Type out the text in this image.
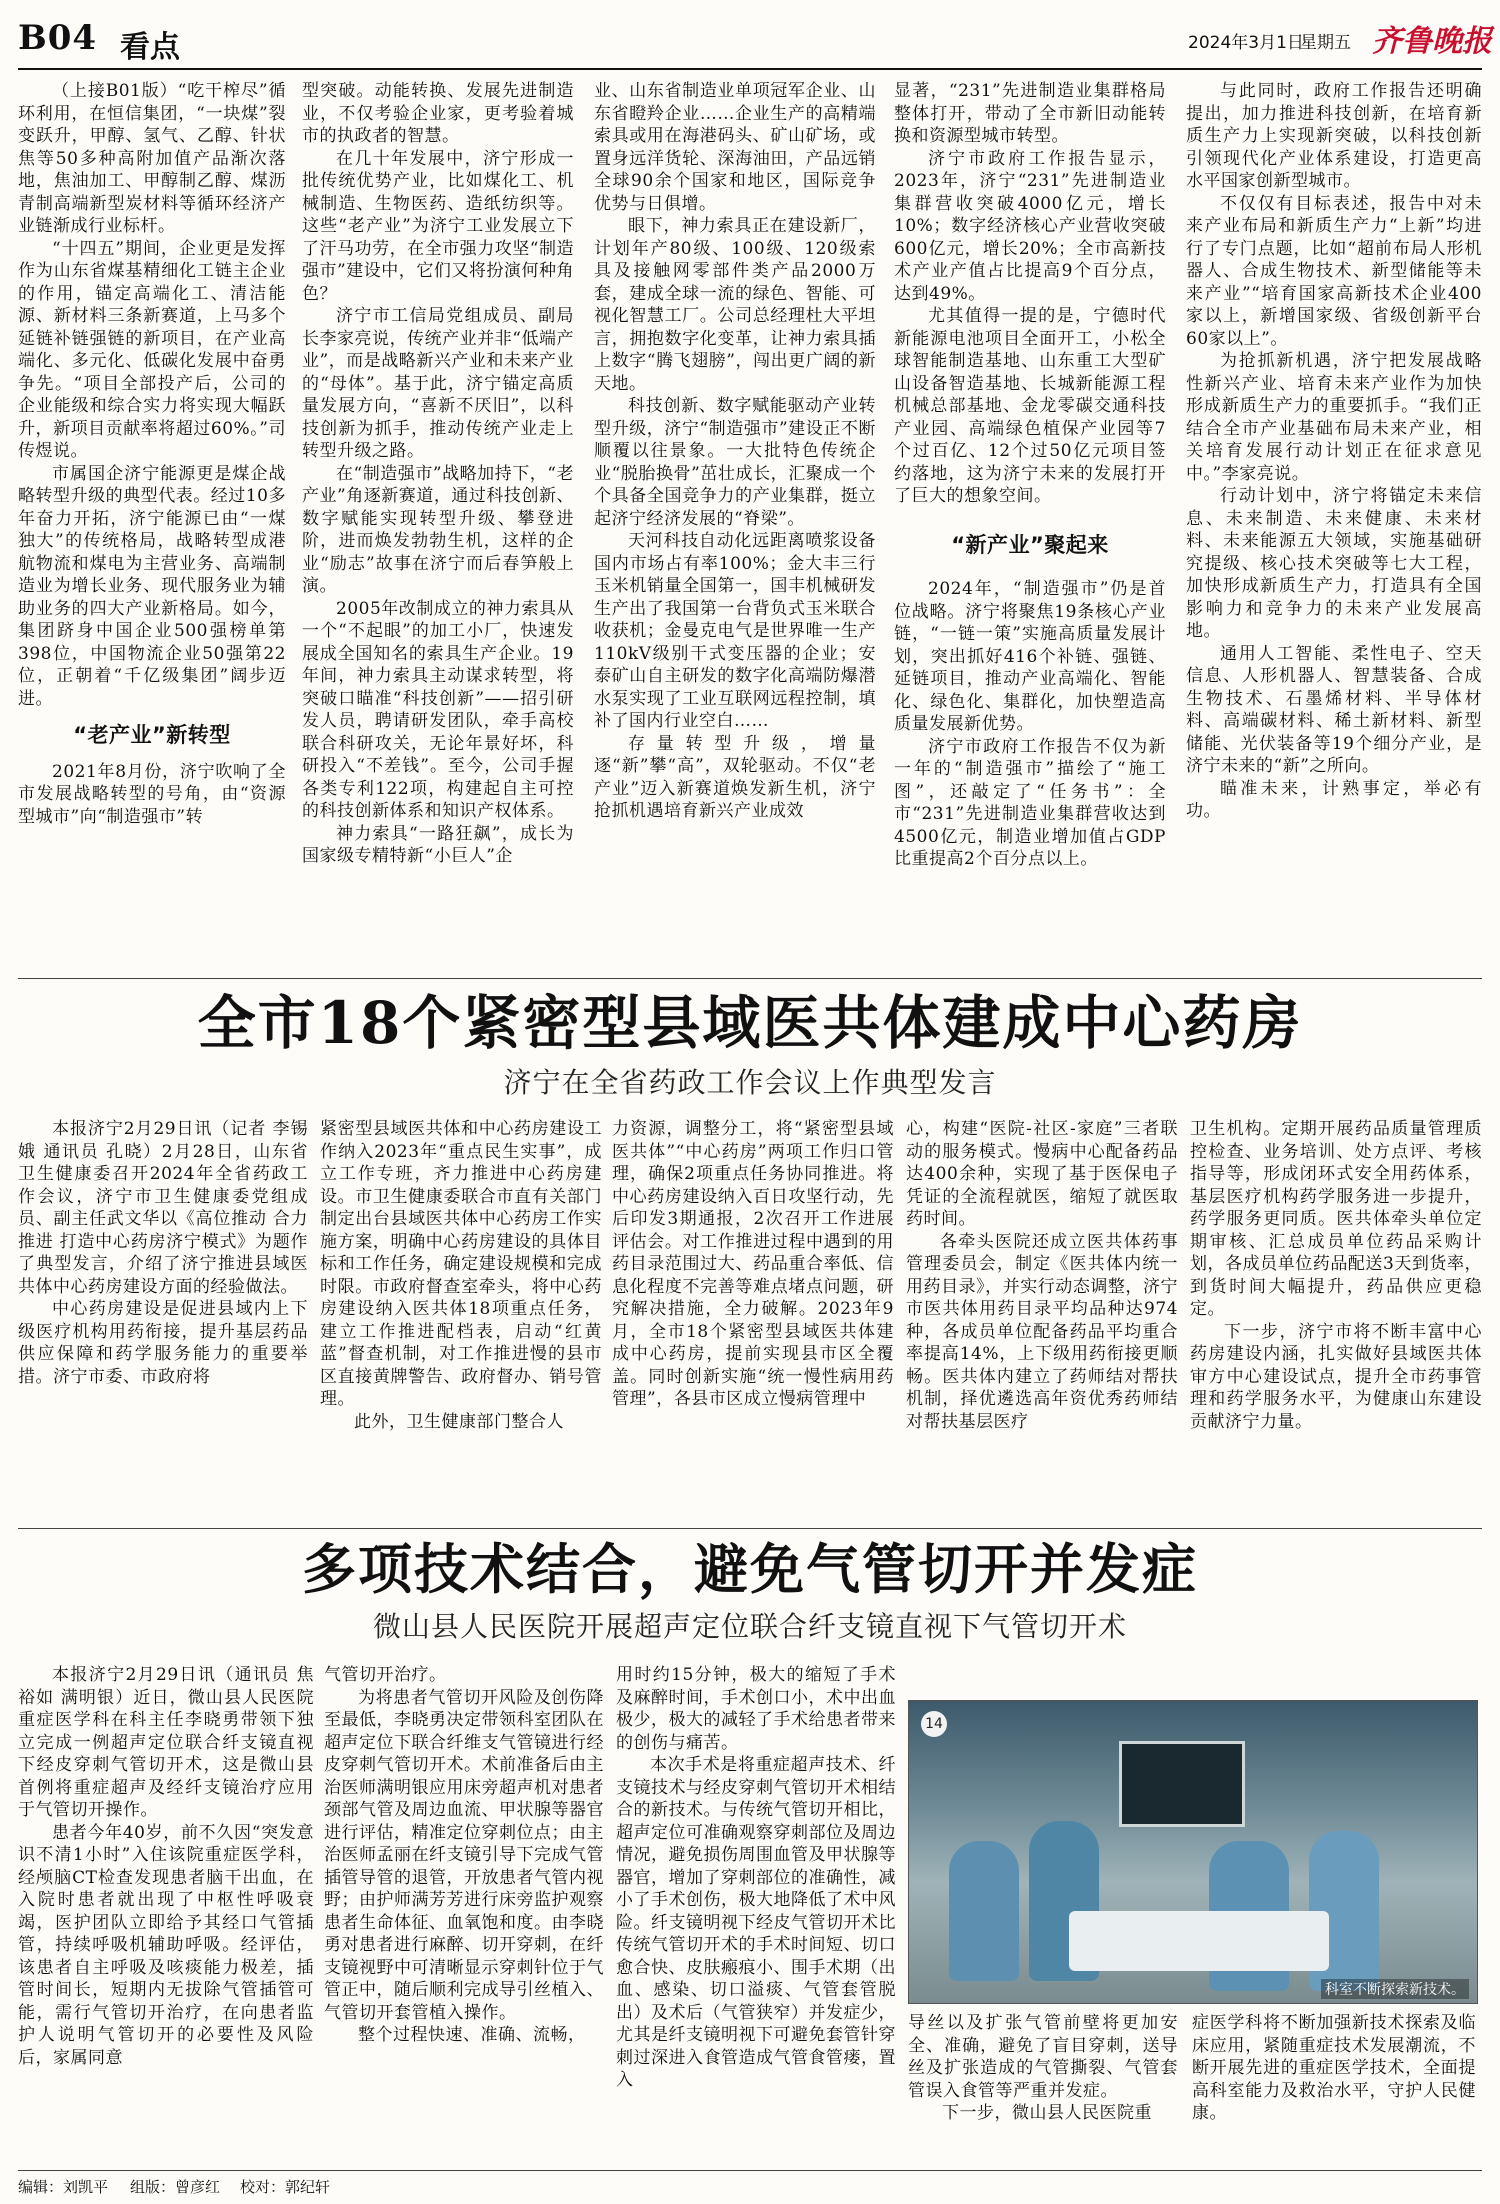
B04 看点	2024年3月1日
星期五 齐鲁晚报

（上接B01版）“吃干榨尽”循环利用，在恒信集团，“一块煤”裂变跃升，甲醇、氢气、乙醇、针状焦等50多种高附加值产品渐次落地，焦油加工、甲醇制乙醇、煤沥青制高端新型炭材料等循环经济产业链渐成行业标杆。

“十四五”期间，企业更是发挥作为山东省煤基精细化工链主企业的作用，锚定高端化工、清洁能源、新材料三条新赛道，上马多个延链补链强链的新项目，在产业高端化、多元化、低碳化发展中奋勇争先。“项目全部投产后，公司的企业能级和综合实力将实现大幅跃升，新项目贡献率将超过60%。”司传煜说。

市属国企济宁能源更是煤企战略转型升级的典型代表。经过10多年奋力开拓，济宁能源已由“一煤独大”的传统格局，战略转型成港航物流和煤电为主营业务、高端制造业为增长业务、现代服务业为辅助业务的四大产业新格局。如今，集团跻身中国企业500强榜单第398位，中国物流企业50强第22位，正朝着“千亿级集团”阔步迈进。

“老产业”新转型

2021年8月份，济宁吹响了全市发展战略转型的号角，由“资源型城市”向“制造强市”转

型突破。动能转换、发展先进制造业，不仅考验企业家，更考验着城市的执政者的智慧。

在几十年发展中，济宁形成一批传统优势产业，比如煤化工、机械制造、生物医药、造纸纺织等。这些“老产业”为济宁工业发展立下了汗马功劳，在全市强力攻坚“制造强市”建设中，它们又将扮演何种角色？

济宁市工信局党组成员、副局长李家亮说，传统产业并非“低端产业”，而是战略新兴产业和未来产业的“母体”。基于此，济宁锚定高质量发展方向，“喜新不厌旧”，以科技创新为抓手，推动传统产业走上转型升级之路。

在“制造强市”战略加持下，“老产业”角逐新赛道，通过科技创新、数字赋能实现转型升级、攀登进阶，进而焕发勃勃生机，这样的企业“励志”故事在济宁而后春笋般上演。

2005年改制成立的神力索具从一个“不起眼”的加工小厂，快速发展成全国知名的索具生产企业。19年间，神力索具主动谋求转型，将突破口瞄准“科技创新”——招引研发人员，聘请研发团队，牵手高校联合科研攻关，无论年景好坏，科研投入“不差钱”。至今，公司手握各类专利122项，构建起自主可控的科技创新体系和知识产权体系。

神力索具“一路狂飙”，成长为国家级专精特新“小巨人”企

业、山东省制造业单项冠军企业、山东省瞪羚企业……企业生产的高精端索具或用在海港码头、矿山矿场，或置身远洋货轮、深海油田，产品远销全球90余个国家和地区，国际竞争优势与日俱增。

眼下，神力索具正在建设新厂，计划年产80级、100级、120级索具及接触网零部件类产品2000万套，建成全球一流的绿色、智能、可视化智慧工厂。公司总经理杜大平坦言，拥抱数字化变革，让神力索具插上数字“腾飞翅膀”，闯出更广阔的新天地。

科技创新、数字赋能驱动产业转型升级，济宁“制造强市”建设正不断顺覆以往景象。一大批特色传统企业“脱胎换骨”茁壮成长，汇聚成一个个具备全国竞争力的产业集群，挺立起济宁经济发展的“脊梁”。

天河科技自动化远距离喷浆设备国内市场占有率100%；金大丰三行玉米机销量全国第一，国丰机械研发生产出了我国第一台背负式玉米联合收获机；金曼克电气是世界唯一生产110kV级别干式变压器的企业；安泰矿山自主研发的数字化高端防爆潜水泵实现了工业互联网远程控制，填补了国内行业空白……

存量转型升级，增量逐“新”攀“高”，双轮驱动。不仅“老产业”迈入新赛道焕发新生机，济宁抢抓机遇培育新兴产业成效

显著，“231”先进制造业集群格局整体打开，带动了全市新旧动能转换和资源型城市转型。

济宁市政府工作报告显示，2023年，济宁“231”先进制造业集群营收突破4000亿元，增长10%；数字经济核心产业营收突破600亿元，增长20%；全市高新技术产业产值占比提高9个百分点，达到49%。

尤其值得一提的是，宁德时代新能源电池项目全面开工，小松全球智能制造基地、山东重工大型矿山设备智造基地、长城新能源工程机械总部基地、金龙零碳交通科技产业园、高端绿色植保产业园等7个过百亿、12个过50亿元项目签约落地，这为济宁未来的发展打开了巨大的想象空间。

“新产业”聚起来

2024年，“制造强市”仍是首位战略。济宁将聚焦19条核心产业链，“一链一策”实施高质量发展计划，突出抓好416个补链、强链、延链项目，推动产业高端化、智能化、绿色化、集群化，加快塑造高质量发展新优势。

济宁市政府工作报告不仅为新一年的“制造强市”描绘了“施工图”，还敲定了“任务书”：全市“231”先进制造业集群营收达到4500亿元，制造业增加值占GDP比重提高2个百分点以上。

与此同时，政府工作报告还明确提出，加力推进科技创新，在培育新质生产力上实现新突破，以科技创新引领现代化产业体系建设，打造更高水平国家创新型城市。

不仅仅有目标表述，报告中对未来产业布局和新质生产力“上新”均进行了专门点题，比如“超前布局人形机器人、合成生物技术、新型储能等未来产业”“培育国家高新技术企业400家以上，新增国家级、省级创新平台60家以上”。

为抢抓新机遇，济宁把发展战略性新兴产业、培育未来产业作为加快形成新质生产力的重要抓手。“我们正结合全市产业基础布局未来产业，相关培育发展行动计划正在征求意见中。”李家亮说。

行动计划中，济宁将锚定未来信息、未来制造、未来健康、未来材料、未来能源五大领域，实施基础研究提级、核心技术突破等七大工程，加快形成新质生产力，打造具有全国影响力和竞争力的未来产业发展高地。

通用人工智能、柔性电子、空天信息、人形机器人、智慧装备、合成生物技术、石墨烯材料、半导体材料、高端碳材料、稀土新材料、新型储能、光伏装备等19个细分产业，是济宁未来的“新”之所向。

瞄准未来，计熟事定，举必有功。

全市18个紧密型县域医共体建成中心药房
济宁在全省药政工作会议上作典型发言

本报济宁2月29日讯（记者 李锡娥 通讯员 孔晓）2月28日，山东省卫生健康委召开2024年全省药政工作会议，济宁市卫生健康委党组成员、副主任武文华以《高位推动 合力推进 打造中心药房济宁模式》为题作了典型发言，介绍了济宁推进县域医共体中心药房建设方面的经验做法。

中心药房建设是促进县域内上下级医疗机构用药衔接，提升基层药品供应保障和药学服务能力的重要举措。济宁市委、市政府将

紧密型县域医共体和中心药房建设工作纳入2023年“重点民生实事”，成立工作专班，齐力推进中心药房建设。市卫生健康委联合市直有关部门制定出台县域医共体中心药房工作实施方案，明确中心药房建设的具体目标和工作任务，确定建设规模和完成时限。市政府督查室牵头，将中心药房建设纳入医共体18项重点任务，建立工作推进配档表，启动“红黄蓝”督查机制，对工作推进慢的县市区直接黄牌警告、政府督办、销号管理。

此外，卫生健康部门整合人

力资源，调整分工，将“紧密型县域医共体”“中心药房”两项工作归口管理，确保2项重点任务协同推进。将中心药房建设纳入百日攻坚行动，先后印发3期通报，2次召开工作进展评估会。对工作推进过程中遇到的用药目录范围过大、药品重合率低、信息化程度不完善等难点堵点问题，研究解决措施，全力破解。2023年9月，全市18个紧密型县域医共体建成中心药房，提前实现县市区全覆盖。同时创新实施“统一慢性病用药管理”，各县市区成立慢病管理中

心，构建“医院-社区-家庭”三者联动的服务模式。慢病中心配备药品达400余种，实现了基于医保电子凭证的全流程就医，缩短了就医取药时间。

各牵头医院还成立医共体药事管理委员会，制定《医共体内统一用药目录》，并实行动态调整，济宁市医共体用药目录平均品种达974种，各成员单位配备药品平均重合率提高14%，上下级用药衔接更顺畅。医共体内建立了药师结对帮扶机制，择优遴选高年资优秀药师结对帮扶基层医疗

卫生机构。定期开展药品质量管理质控检查、业务培训、处方点评、考核指导等，形成闭环式安全用药体系，基层医疗机构药学服务进一步提升，药学服务更同质。医共体牵头单位定期审核、汇总成员单位药品采购计划，各成员单位药品配送3天到货率，到货时间大幅提升，药品供应更稳定。

下一步，济宁市将不断丰富中心药房建设内涵，扎实做好县域医共体审方中心建设试点，提升全市药事管理和药学服务水平，为健康山东建设贡献济宁力量。

多项技术结合，避免气管切开并发症
微山县人民医院开展超声定位联合纤支镜直视下气管切开术

本报济宁2月29日讯（通讯员 焦裕如 满明银）近日，微山县人民医院重症医学科在科主任李晓勇带领下独立完成一例超声定位联合纤支镜直视下经皮穿刺气管切开术，这是微山县首例将重症超声及经纤支镜治疗应用于气管切开操作。

患者今年40岁，前不久因“突发意识不清1小时”入住该院重症医学科，经颅脑CT检查发现患者脑干出血，在入院时患者就出现了中枢性呼吸衰竭，医护团队立即给予其经口气管插管，持续呼吸机辅助呼吸。经评估，该患者自主呼吸及咳痰能力极差，插管时间长，短期内无拔除气管插管可能，需行气管切开治疗，在向患者监护人说明气管切开的必要性及风险后，家属同意

气管切开治疗。

为将患者气管切开风险及创伤降至最低，李晓勇决定带领科室团队在超声定位下联合纤维支气管镜进行经皮穿刺气管切开术。术前准备后由主治医师满明银应用床旁超声机对患者颈部气管及周边血流、甲状腺等器官进行评估，精准定位穿刺位点；由主治医师孟丽在纤支镜引导下完成气管插管导管的退管，开放患者气管内视野；由护师满芳芳进行床旁监护观察患者生命体征、血氧饱和度。由李晓勇对患者进行麻醉、切开穿刺，在纤支镜视野中可清晰显示穿刺针位于气管正中，随后顺利完成导引丝植入、气管切开套管植入操作。

整个过程快速、准确、流畅，

用时约15分钟，极大的缩短了手术及麻醉时间，手术创口小，术中出血极少，极大的减轻了手术给患者带来的创伤与痛苦。

本次手术是将重症超声技术、纤支镜技术与经皮穿刺气管切开术相结合的新技术。与传统气管切开相比，超声定位可准确观察穿刺部位及周边情况，避免损伤周围血管及甲状腺等器官，增加了穿刺部位的准确性，减小了手术创伤，极大地降低了术中风险。纤支镜明视下经皮气管切开术比传统气管切开术的手术时间短、切口愈合快、皮肤瘢痕小、围手术期（出血、感染、切口溢痰、气管套管脱出）及术后（气管狭窄）并发症少，尤其是纤支镜明视下可避免套管针穿刺过深进入食管造成气管食管瘘，置入

14
科室不断探索新技术。

导丝以及扩张气管前壁将更加安全、准确，避免了盲目穿刺，送导丝及扩张造成的气管撕裂、气管套管误入食管等严重并发症。

下一步，微山县人民医院重

症医学科将不断加强新技术探索及临床应用，紧随重症技术发展潮流，不断开展先进的重症医学技术，全面提高科室能力及救治水平，守护人民健康。

编辑：刘凯平 组版：曾彦红 校对：郭纪轩
